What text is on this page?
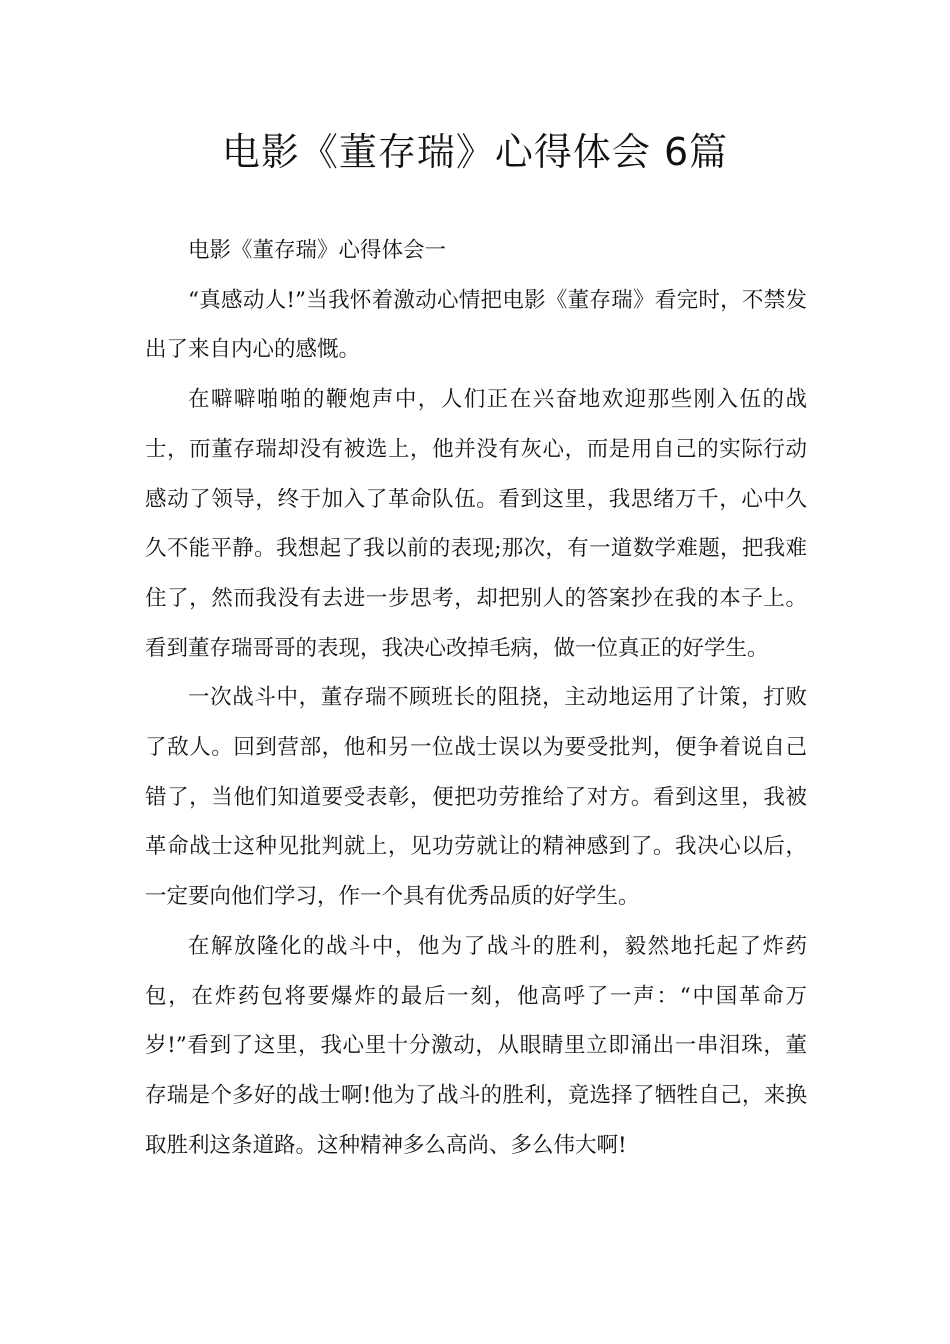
电影《董存瑞》心得体会 6篇

电影《董存瑞》心得体会一

“真感动人!”当我怀着激动心情把电影《董存瑞》看完时，不禁发出了来自内心的感慨。

在噼噼啪啪的鞭炮声中，人们正在兴奋地欢迎那些刚入伍的战士，而董存瑞却没有被选上，他并没有灰心，而是用自己的实际行动感动了领导，终于加入了革命队伍。看到这里，我思绪万千，心中久久不能平静。我想起了我以前的表现;那次，有一道数学难题，把我难住了，然而我没有去进一步思考，却把别人的答案抄在我的本子上。看到董存瑞哥哥的表现，我决心改掉毛病，做一位真正的好学生。

一次战斗中，董存瑞不顾班长的阻挠，主动地运用了计策，打败了敌人。回到营部，他和另一位战士误以为要受批判，便争着说自己错了，当他们知道要受表彰，便把功劳推给了对方。看到这里，我被革命战士这种见批判就上，见功劳就让的精神感到了。我决心以后，一定要向他们学习，作一个具有优秀品质的好学生。

在解放隆化的战斗中，他为了战斗的胜利，毅然地托起了炸药包，在炸药包将要爆炸的最后一刻，他高呼了一声：“中国革命万岁!”看到了这里，我心里十分激动，从眼睛里立即涌出一串泪珠，董存瑞是个多好的战士啊!他为了战斗的胜利，竟选择了牺牲自己，来换取胜利这条道路。这种精神多么高尚、多么伟大啊!
